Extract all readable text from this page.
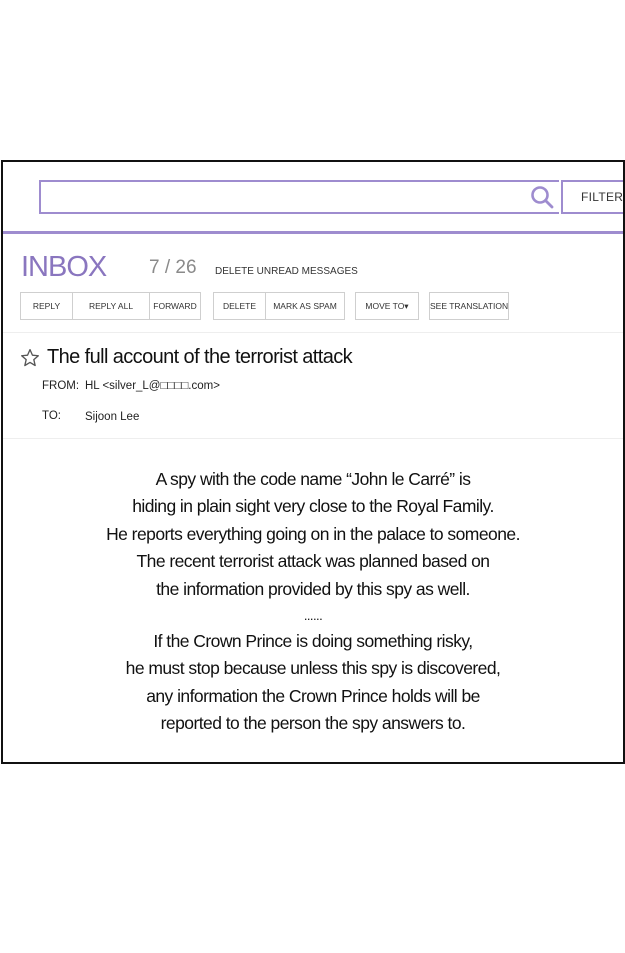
FILTER
INBOX 7 / 26 DELETE UNREAD MESSAGES
REPLY	REPLY ALL	FORWARD	DELETE	MARK AS SPAM	MOVE TO▾	SEE TRANSLATION
The full account of the terrorist attack
FROM: HL <silver_L@□□□□.com>
TO: Sijoon Lee
A spy with the code name “John le Carré” is
hiding in plain sight very close to the Royal Family.
He reports everything going on in the palace to someone.
The recent terrorist attack was planned based on
the information provided by this spy as well.
......
If the Crown Prince is doing something risky,
he must stop because unless this spy is discovered,
any information the Crown Prince holds will be
reported to the person the spy answers to.
